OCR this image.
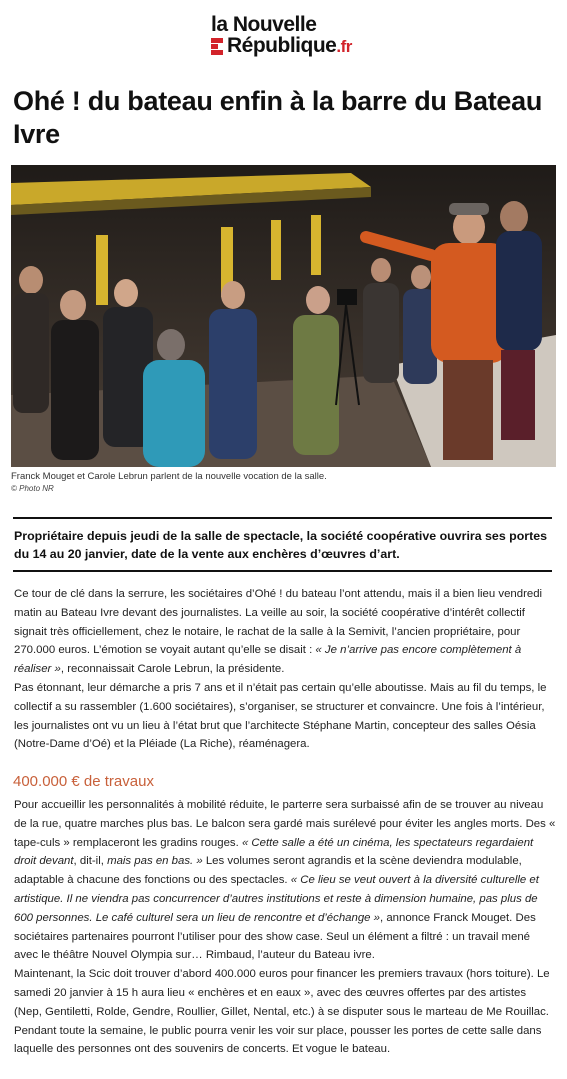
la Nouvelle
République.fr
Ohé ! du bateau enfin à la barre du Bateau Ivre
Franck Mouget et Carole Lebrun parlent de la nouvelle vocation de la salle.
© Photo NR
Propriétaire depuis jeudi de la salle de spectacle, la société coopérative ouvrira ses portes du 14 au 20 janvier, date de la vente aux enchères d’œuvres d’art.

Ce tour de clé dans la serrure, les sociétaires d’Ohé ! du bateau l’ont attendu, mais il a bien lieu vendredi matin au Bateau Ivre devant des journalistes. La veille au soir, la société coopérative d’intérêt collectif signait très officiellement, chez le notaire, le rachat de la salle à la Semivit, l’ancien propriétaire, pour 270.000 euros. L’émotion se voyait autant qu’elle se disait : « Je n’arrive pas encore complètement à réaliser », reconnaissait Carole Lebrun, la présidente.

Pas étonnant, leur démarche a pris 7 ans et il n’était pas certain qu’elle aboutisse. Mais au fil du temps, le collectif a su rassembler (1.600 sociétaires), s’organiser, se structurer et convaincre. Une fois à l’intérieur, les journalistes ont vu un lieu à l’état brut que l’architecte Stéphane Martin, concepteur des salles Oésia (Notre-Dame d’Oé) et la Pléiade (La Riche), réaménagera.

400.000 € de travaux

Pour accueillir les personnalités à mobilité réduite, le parterre sera surbaissé afin de se trouver au niveau de la rue, quatre marches plus bas. Le balcon sera gardé mais surélevé pour éviter les angles morts. Des « tape-culs » remplaceront les gradins rouges. « Cette salle a été un cinéma, les spectateurs regardaient droit devant, dit-il, mais pas en bas. » Les volumes seront agrandis et la scène deviendra modulable, adaptable à chacune des fonctions ou des spectacles. « Ce lieu se veut ouvert à la diversité culturelle et artistique. Il ne viendra pas concurrencer d’autres institutions et reste à dimension humaine, pas plus de 600 personnes. Le café culturel sera un lieu de rencontre et d’échange », annonce Franck Mouget. Des sociétaires partenaires pourront l’utiliser pour des show case. Seul un élément a filtré : un travail mené avec le théâtre Nouvel Olympia sur… Rimbaud, l’auteur du Bateau ivre.

Maintenant, la Scic doit trouver d’abord 400.000 euros pour financer les premiers travaux (hors toiture). Le samedi 20 janvier à 15 h aura lieu « enchères et en eaux », avec des œuvres offertes par des artistes (Nep, Gentiletti, Rolde, Gendre, Roullier, Gillet, Nental, etc.) à se disputer sous le marteau de Me Rouillac. Pendant toute la semaine, le public pourra venir les voir sur place, pousser les portes de cette salle dans laquelle des personnes ont des souvenirs de concerts. Et vogue le bateau.
